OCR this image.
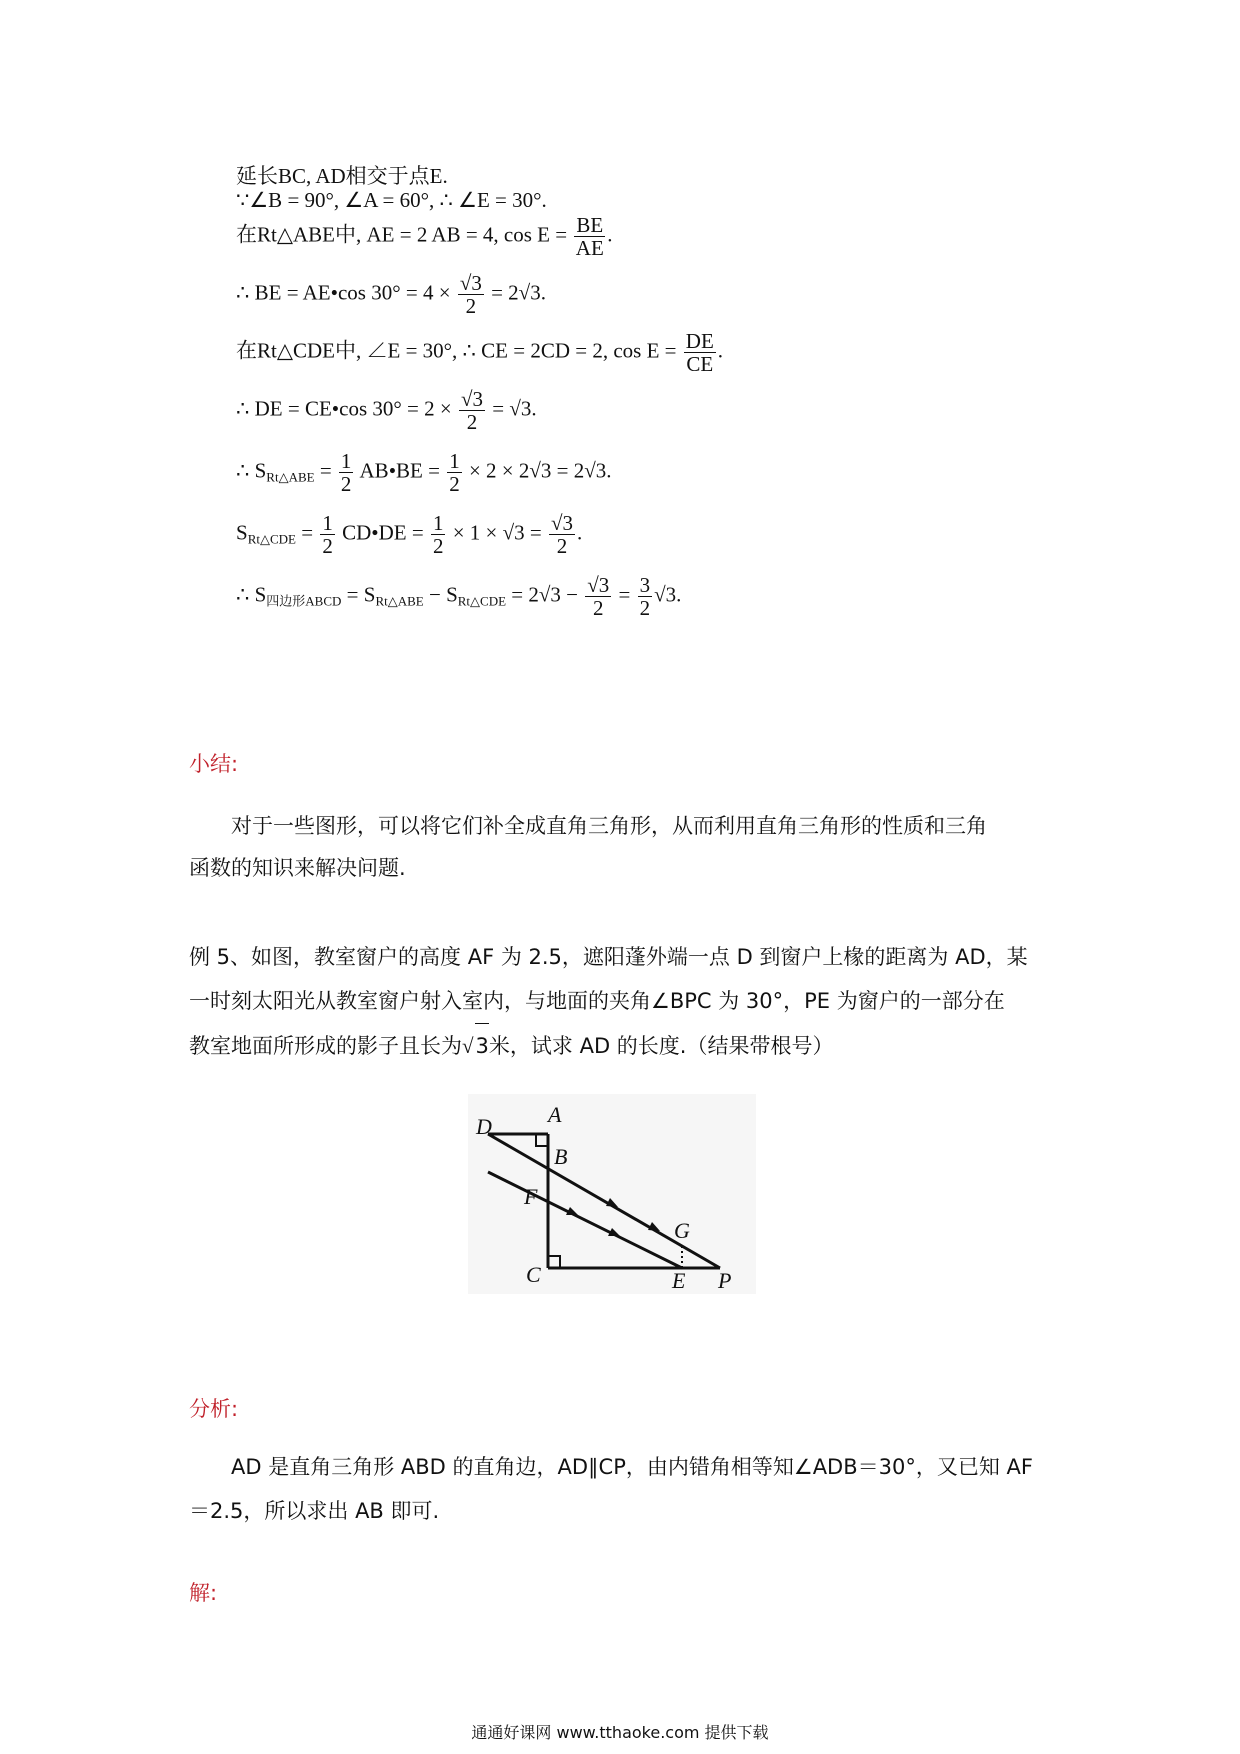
延长BC, AD相交于点E.
∵∠B = 90°, ∠A = 60°, ∴ ∠E = 30°.
在Rt△ABE中, AE = 2 AB = 4, $\cos E = \frac{BE}{AE}$ .
∴ BE = AE•cos $30^\circ = 4 \times \frac{√3}{2} = 2√3$.
在Rt△CDE中, ∠E = 30°, ∴ CE = 2CD = 2, $\cos E = \frac{DE}{CE}$ .
∴ DE = CE•cos $30^\circ = 2 \times \frac{√3}{2} = √3$.
∴ $S_{Rt\triangle ABE} = \frac{1}{2}$ AB•BE = $\frac{1}{2} \times 2 \times 2√3 = 2√3$.
$S_{Rt\triangle CDE} = \frac{1}{2}$ CD•DE = $\frac{1}{2} \times 1 \times √3 = \frac{√3}{2}$ .
∴ $S_{四边形ABCD} = S_{Rt\triangle ABE} - S_{Rt\triangle CDE} = 2√3 - \frac{√3}{2} = \frac{3}{2} √3$.
小结:

对于一些图形，可以将它们补全成直角三角形，从而利用直角三角形的性质和三角

函数的知识来解决问题.

例 5、如图，教室窗户的高度 AF 为 2.5，遮阳蓬外端一点 D 到窗户上椽的距离为 AD，某

一时刻太阳光从教室窗户射入室内，与地面的夹角∠BPC 为 30°，PE 为窗户的一部分在

教室地面所形成的影子且长为√3米，试求 AD 的长度.（结果带根号）

D	A
B
F
G
C	E P
分析:

AD 是直角三角形 ABD 的直角边，AD∥CP，由内错角相等知∠ADB＝30°，又已知 AF

＝2.5，所以求出 AB 即可.

解:
通通好课网 www.tthaoke.com 提供下载
